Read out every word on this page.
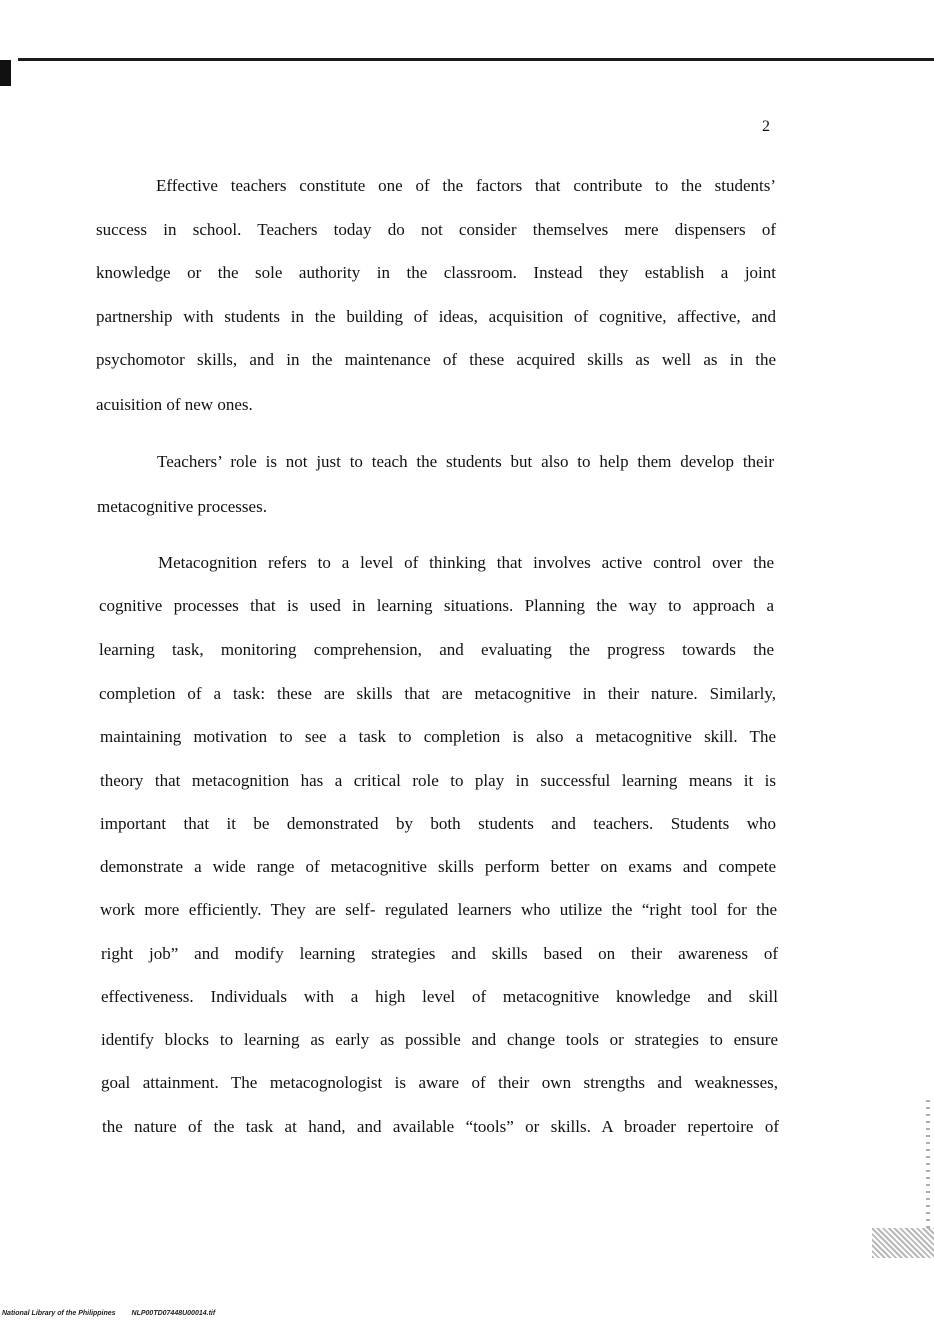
2
Effective teachers constitute one of the factors that contribute to the students’
success in school. Teachers today do not consider themselves mere dispensers of
knowledge or the sole authority in the classroom. Instead they establish a joint
partnership with students in the building of ideas, acquisition of cognitive, affective, and
psychomotor skills, and in the maintenance of these acquired skills as well as in the
acuisition of new ones.
Teachers’ role is not just to teach the students but also to help them develop their
metacognitive processes.
Metacognition refers to a level of thinking that involves active control over the
cognitive processes that is used in learning situations. Planning the way to approach a
learning task, monitoring comprehension, and evaluating the progress towards the
completion of a task: these are skills that are metacognitive in their nature. Similarly,
maintaining motivation to see a task to completion is also a metacognitive skill. The
theory that metacognition has a critical role to play in successful learning means it is
important that it be demonstrated by both students and teachers. Students who
demonstrate a wide range of metacognitive skills perform better on exams and compete
work more efficiently. They are self- regulated learners who utilize the “right tool for the
right job” and modify learning strategies and skills based on their awareness of
effectiveness. Individuals with a high level of metacognitive knowledge and skill
identify blocks to learning as early as possible and change tools or strategies to ensure
goal attainment. The metacognologist is aware of their own strengths and weaknesses,
the nature of the task at hand, and available “tools” or skills. A broader repertoire of
National Library of the Philippines NLP00TD07448U00014.tif
